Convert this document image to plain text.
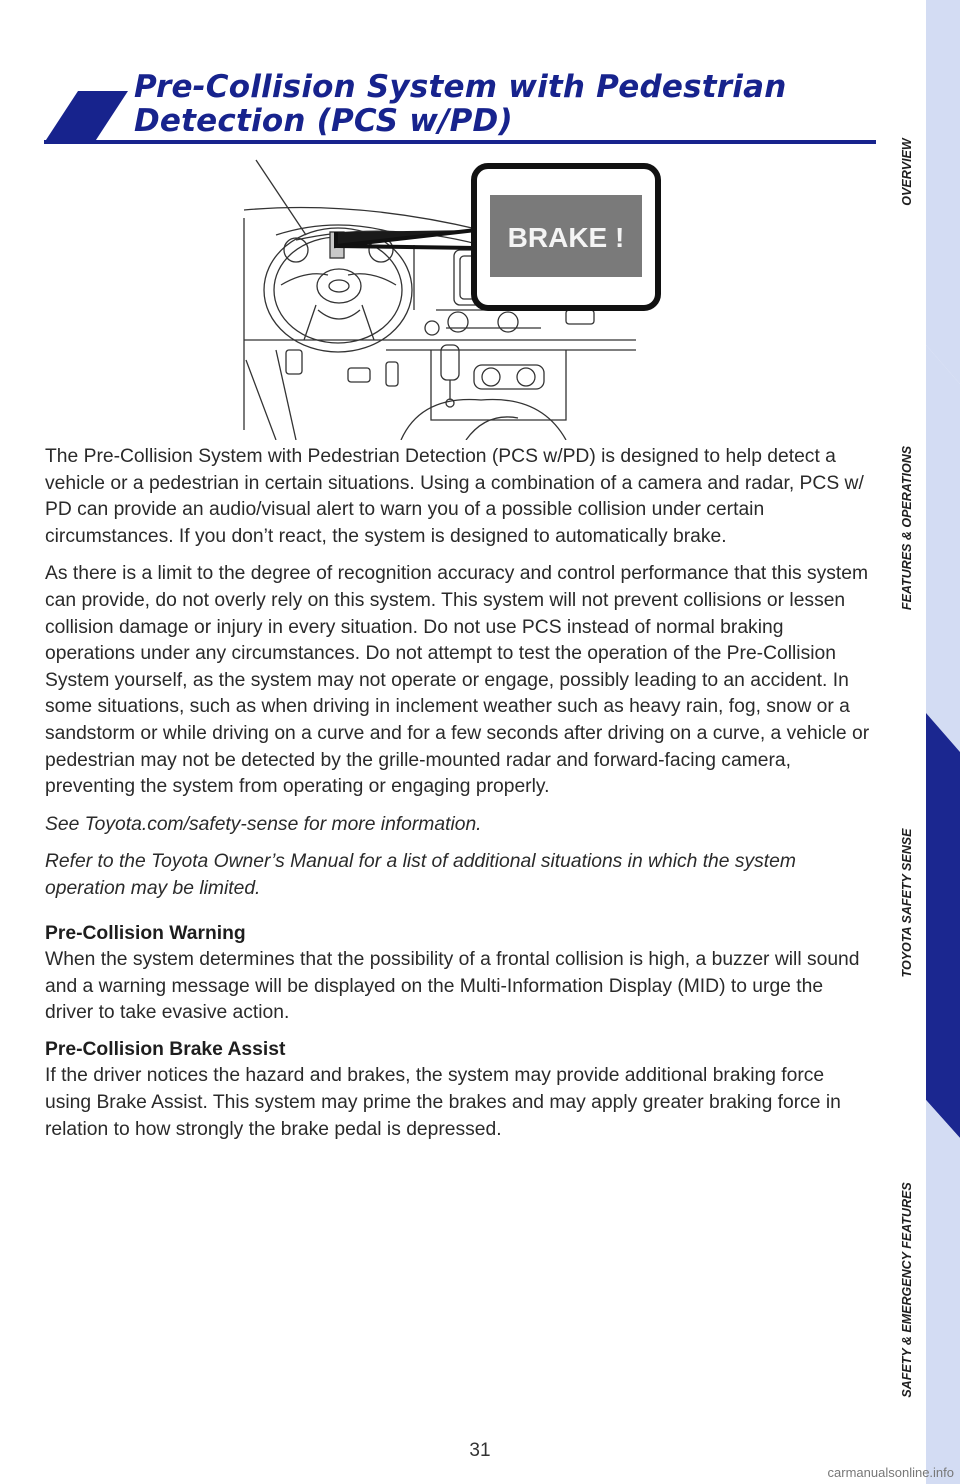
Pre-Collision System with Pedestrian
Detection (PCS w/PD)
BRAKE !

The Pre-Collision System with Pedestrian Detection (PCS w/PD) is designed to help detect a vehicle or a pedestrian in certain situations. Using a combination of a camera and radar, PCS w/ PD can provide an audio/visual alert to warn you of a possible collision under certain circumstances. If you don’t react, the system is designed to automatically brake.

As there is a limit to the degree of recognition accuracy and control performance that this system can provide, do not overly rely on this system. This system will not prevent collisions or lessen collision damage or injury in every situation. Do not use PCS instead of normal braking operations under any circumstances. Do not attempt to test the operation of the Pre-Collision System yourself, as the system may not operate or engage, possibly leading to an accident. In some situations, such as when driving in inclement weather such as heavy rain, fog, snow or a sandstorm or while driving on a curve and for a few seconds after driving on a curve, a vehicle or pedestrian may not be detected by the grille-mounted radar and forward-facing camera, preventing the system from operating or engaging properly.

See Toyota.com/safety-sense for more information.

Refer to the Toyota Owner’s Manual for a list of additional situations in which the system operation may be limited.

Pre-Collision Warning

When the system determines that the possibility of a frontal collision is high, a buzzer will sound and a warning message will be displayed on the Multi-Information Display (MID) to urge the driver to take evasive action.

Pre-Collision Brake Assist

If the driver notices the hazard and brakes, the system may provide additional braking force using Brake Assist. This system may prime the brakes and may apply greater braking force in relation to how strongly the brake pedal is depressed.

31
OVERVIEW
FEATURES & OPERATIONS
TOYOTA SAFETY SENSE
SAFETY & EMERGENCY FEATURES
carmanualsonline.info
